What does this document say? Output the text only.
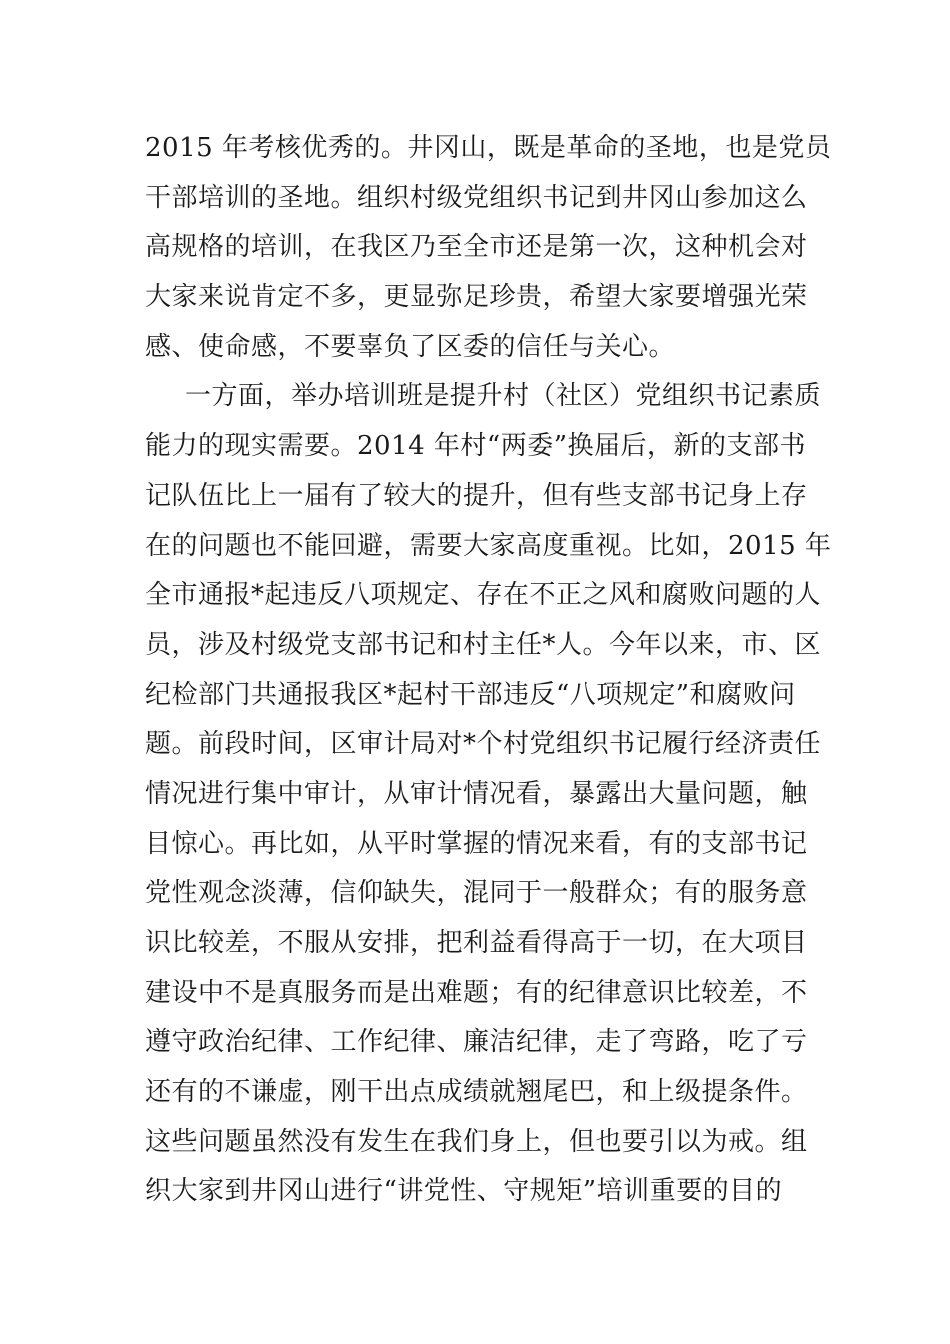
2015 年考核优秀的。井冈山，既是革命的圣地，也是党员
干部培训的圣地。组织村级党组织书记到井冈山参加这么
高规格的培训，在我区乃至全市还是第一次，这种机会对
大家来说肯定不多，更显弥足珍贵，希望大家要增强光荣
感、使命感，不要辜负了区委的信任与关心。
一方面，举办培训班是提升村（社区）党组织书记素质
能力的现实需要。2014 年村“两委”换届后，新的支部书
记队伍比上一届有了较大的提升，但有些支部书记身上存
在的问题也不能回避，需要大家高度重视。比如，2015 年
全市通报*起违反八项规定、存在不正之风和腐败问题的人
员，涉及村级党支部书记和村主任*人。今年以来，市、区
纪检部门共通报我区*起村干部违反“八项规定”和腐败问
题。前段时间，区审计局对*个村党组织书记履行经济责任
情况进行集中审计，从审计情况看，暴露出大量问题，触
目惊心。再比如，从平时掌握的情况来看，有的支部书记
党性观念淡薄，信仰缺失，混同于一般群众；有的服务意
识比较差，不服从安排，把利益看得高于一切，在大项目
建设中不是真服务而是出难题；有的纪律意识比较差，不
遵守政治纪律、工作纪律、廉洁纪律，走了弯路，吃了亏
还有的不谦虚，刚干出点成绩就翘尾巴，和上级提条件。
这些问题虽然没有发生在我们身上，但也要引以为戒。组
织大家到井冈山进行“讲党性、守规矩”培训重要的目的
